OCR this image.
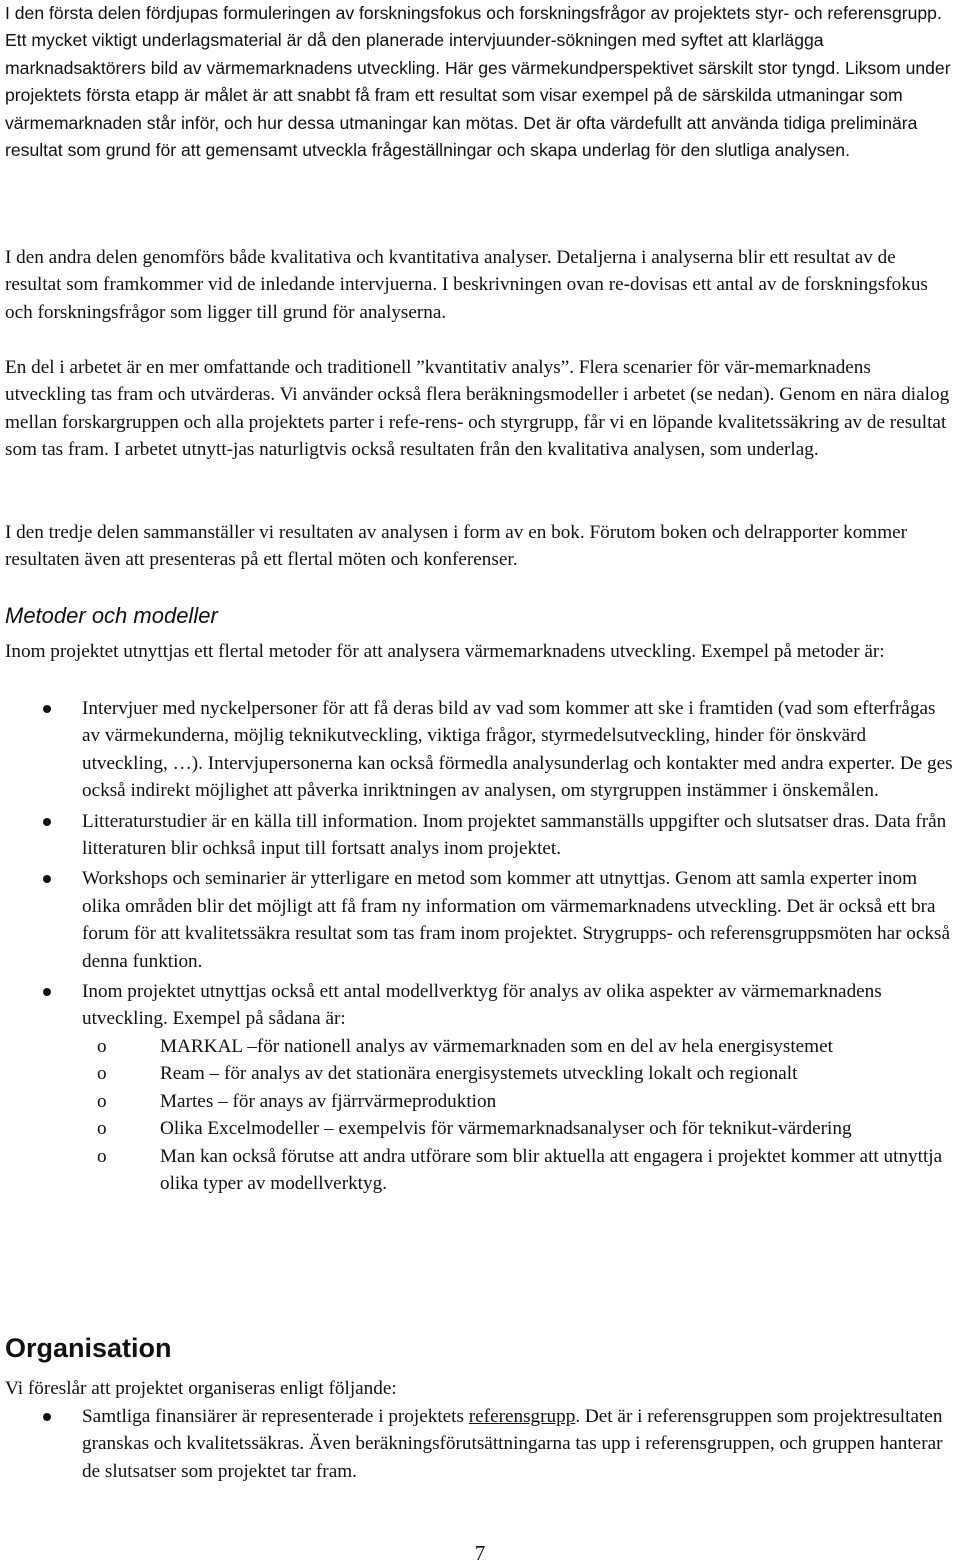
I den första delen fördjupas formuleringen av forskningsfokus och forskningsfrågor av projektets styr- och referensgrupp. Ett mycket viktigt underlagsmaterial är då den planerade intervjuunder-sökningen med syftet att klarlägga marknadsaktörers bild av värmemarknadens utveckling. Här ges värmekundperspektivet särskilt stor tyngd. Liksom under projektets första etapp är målet är att snabbt få fram ett resultat som visar exempel på de särskilda utmaningar som värmemarknaden står inför, och hur dessa utmaningar kan mötas. Det är ofta värdefullt att använda tidiga preliminära resultat som grund för att gemensamt utveckla frågeställningar och skapa underlag för den slutliga analysen.

I den andra delen genomförs både kvalitativa och kvantitativa analyser. Detaljerna i analyserna blir ett resultat av de resultat som framkommer vid de inledande intervjuerna. I beskrivningen ovan re-dovisas ett antal av de forskningsfokus och forskningsfrågor som ligger till grund för analyserna.

En del i arbetet är en mer omfattande och traditionell ”kvantitativ analys”. Flera scenarier för vär-memarknadens utveckling tas fram och utvärderas. Vi använder också flera beräkningsmodeller i arbetet (se nedan). Genom en nära dialog mellan forskargruppen och alla projektets parter i refe-rens- och styrgrupp, får vi en löpande kvalitetssäkring av de resultat som tas fram. I arbetet utnytt-jas naturligtvis också resultaten från den kvalitativa analysen, som underlag.

I den tredje delen sammanställer vi resultaten av analysen i form av en bok. Förutom boken och delrapporter kommer resultaten även att presenteras på ett flertal möten och konferenser.

Metoder och modeller

Inom projektet utnyttjas ett flertal metoder för att analysera värmemarknadens utveckling. Exempel på metoder är:

Intervjuer med nyckelpersoner för att få deras bild av vad som kommer att ske i framtiden (vad som efterfrågas av värmekunderna, möjlig teknikutveckling, viktiga frågor, styrmedelsutveckling, hinder för önskvärd utveckling, …). Intervjupersonerna kan också förmedla analysunderlag och kontakter med andra experter. De ges också indirekt möjlighet att påverka inriktningen av analysen, om styrgruppen instämmer i önskemålen.
Litteraturstudier är en källa till information. Inom projektet sammanställs uppgifter och slutsatser dras. Data från litteraturen blir ochkså input till fortsatt analys inom projektet.
Workshops och seminarier är ytterligare en metod som kommer att utnyttjas. Genom att samla experter inom olika områden blir det möjligt att få fram ny information om värmemarknadens utveckling. Det är också ett bra forum för att kvalitetssäkra resultat som tas fram inom projektet. Strygrupps- och referensgruppsmöten har också denna funktion.
Inom projektet utnyttjas också ett antal modellverktyg för analys av olika aspekter av värmemarknadens utveckling. Exempel på sådana är:
o	MARKAL –för nationell analys av värmemarknaden som en del av hela energisystemet
o	Ream – för analys av det stationära energisystemets utveckling lokalt och regionalt
o	Martes – för anays av fjärrvärmeproduktion
o	Olika Excelmodeller – exempelvis för värmemarknadsanalyser och för teknikut-värdering
o	Man kan också förutse att andra utförare som blir aktuella att engagera i projektet kommer att utnyttja olika typer av modellverktyg.
Organisation

Vi föreslår att projektet organiseras enligt följande:

Samtliga finansiärer är representerade i projektets referensgrupp. Det är i referensgruppen som projektresultaten granskas och kvalitetssäkras. Även beräkningsförutsättningarna tas upp i referensgruppen, och gruppen hanterar de slutsatser som projektet tar fram.
7
